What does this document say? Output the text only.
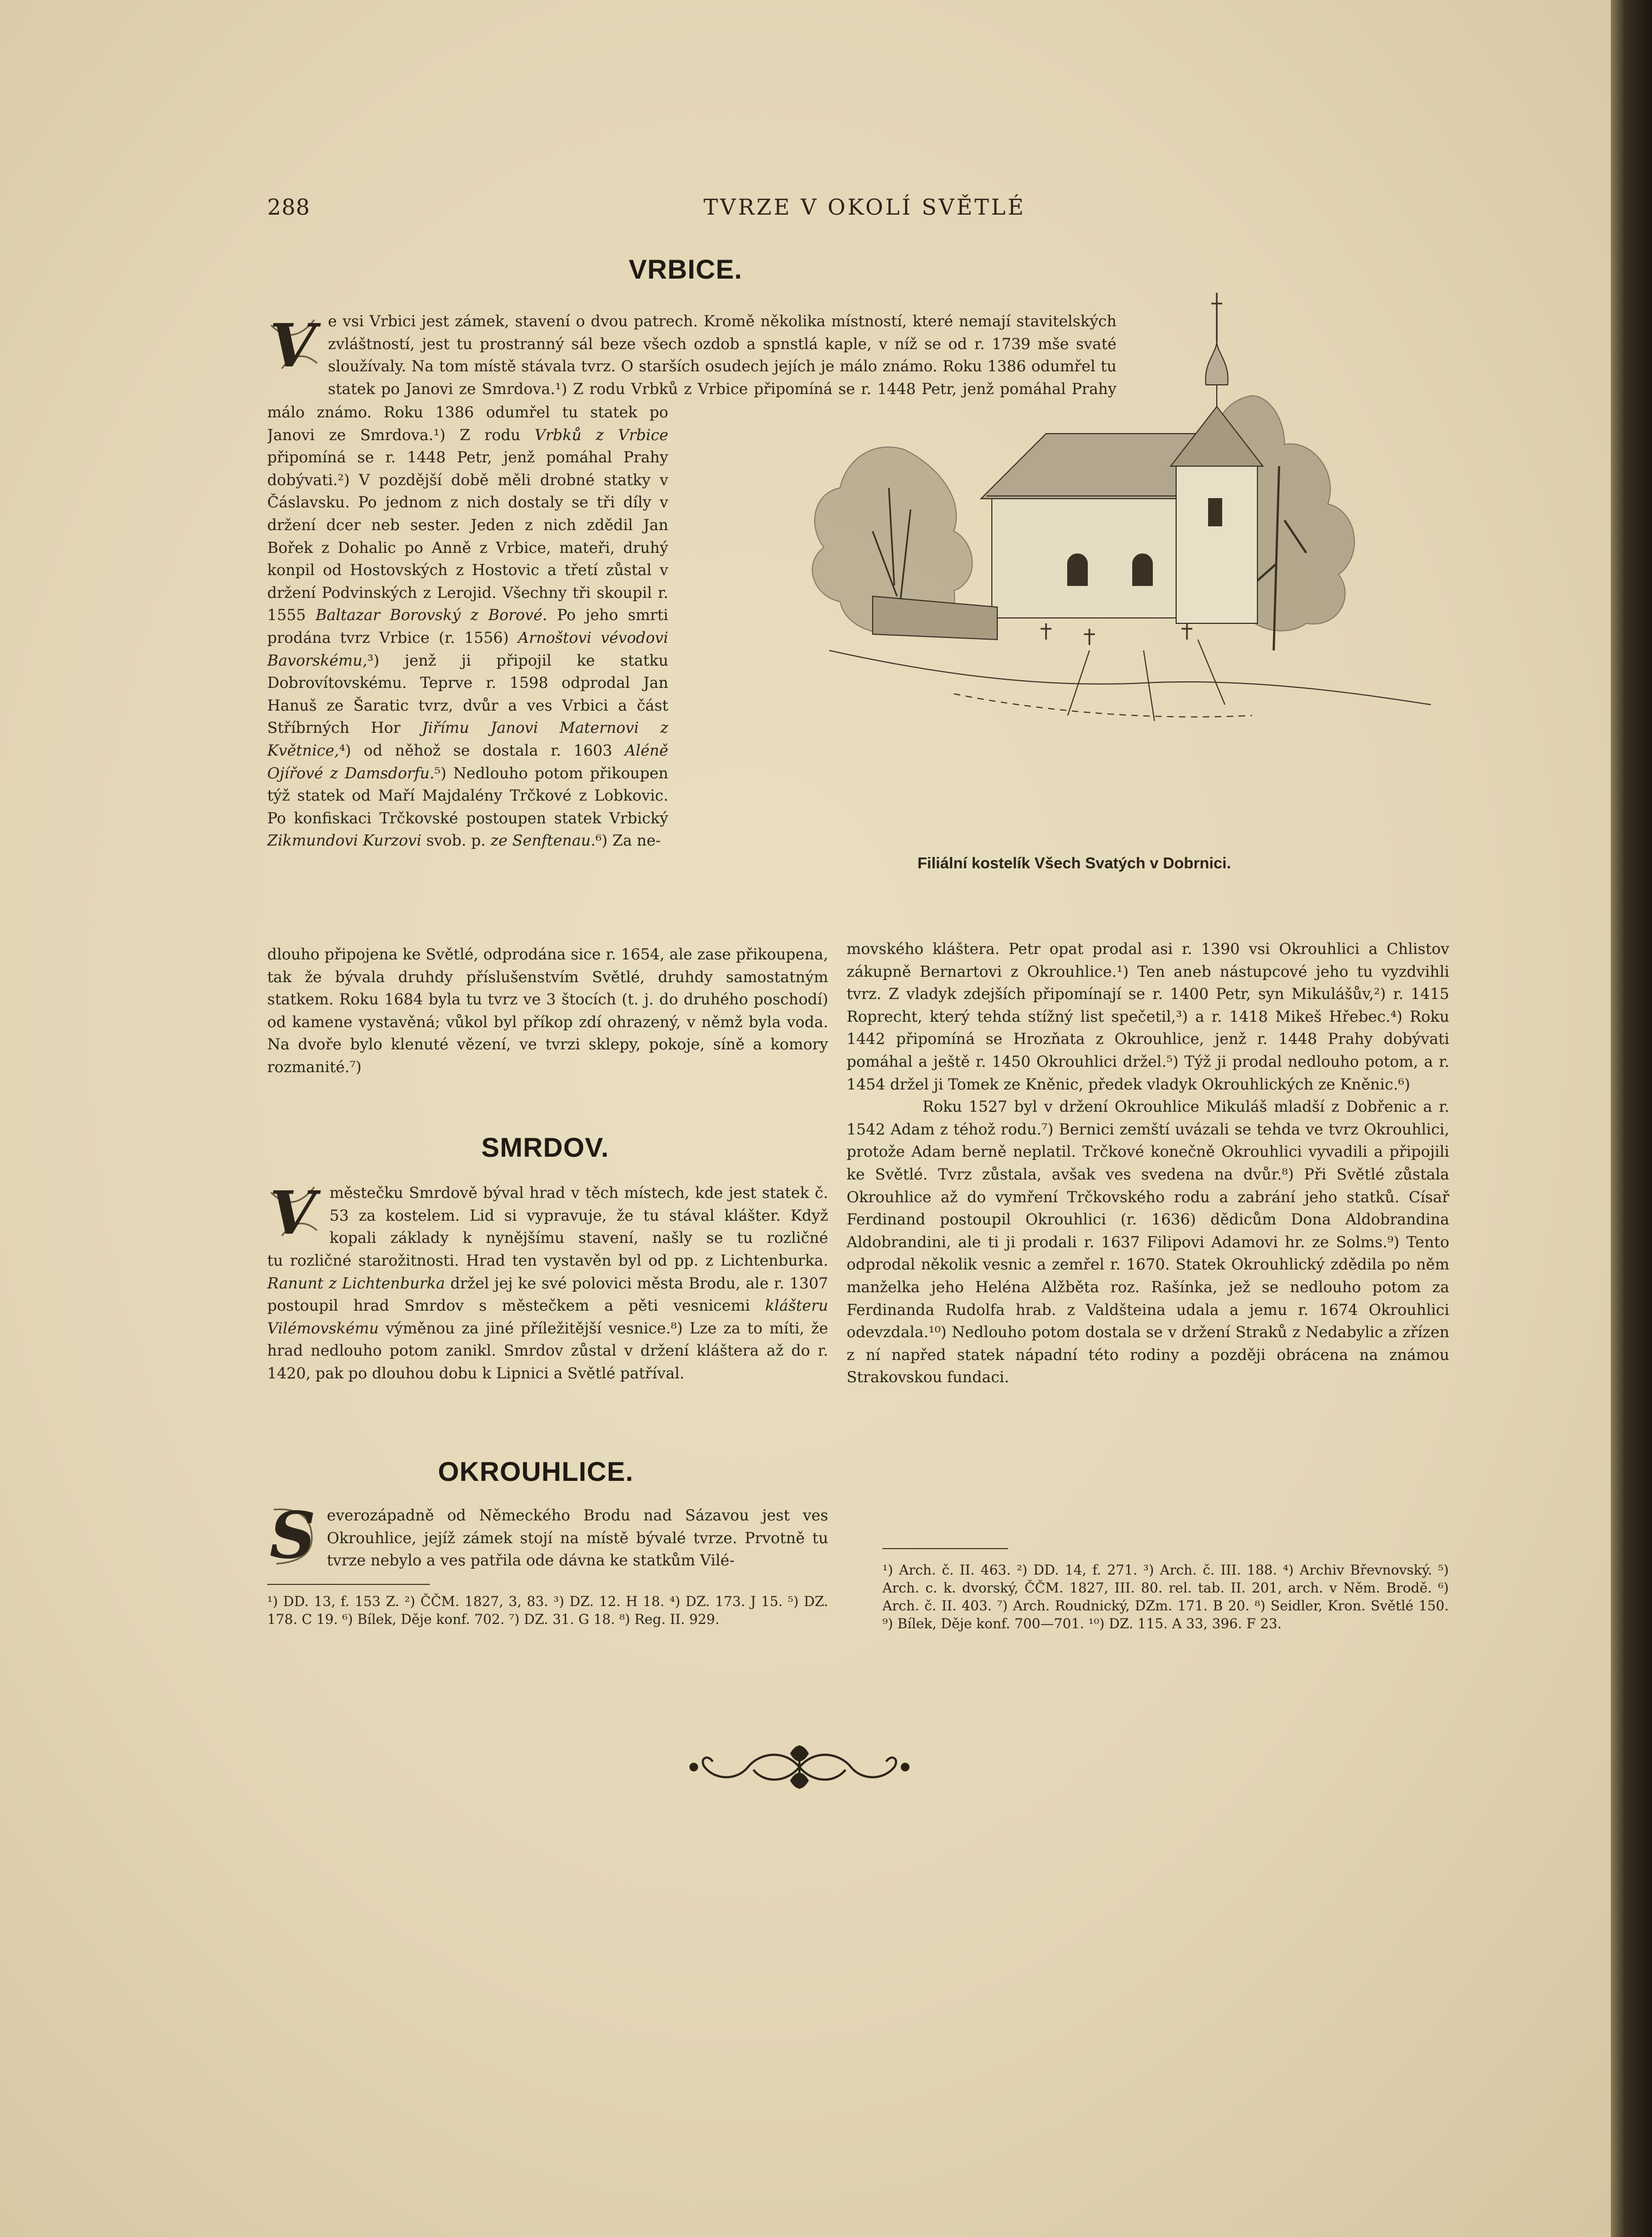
288	TVRZE V OKOLÍ SVĚTLÉ
VRBICE.
V e vsi Vrbici jest zámek, stavení o dvou patrech. Kromě několika místností, které nemají stavitelských zvláštností, jest tu prostranný sál beze všech ozdob a spnstlá kaple, v níž se od r. 1739 mše svaté sloužívaly. Na tom místě stávala tvrz. O starších osudech jejích je málo známo. Roku 1386 odumřel tu

statek po Janovi ze Smrdova.¹) Z rodu Vrbků z Vrbice připomíná se r. 1448 Petr, jenž pomáhal Prahy

málo známo. Roku 1386 odumřel tu statek po Janovi ze Smrdova.¹) Z rodu Vrbků z Vrbice připomíná se r. 1448 Petr, jenž pomáhal Prahy dobývati.²) V pozdější době měli drobné statky v Čáslavsku. Po jednom z nich dostaly se tři díly v držení dcer neb sester. Jeden z nich zdědil Jan Bořek z Dohalic po Anně z Vrbice, mateři, druhý konpil od Hostovských z Hostovic a třetí zůstal v držení Podvinských z Lerojid. Všechny tři skoupil r. 1555 Baltazar Borovský z Borové. Po jeho smrti prodána tvrz Vrbice (r. 1556) Arnoštovi vévodovi Bavorskému,³) jenž ji připojil ke statku Dobrovítovskému. Teprve r. 1598 odprodal Jan Hanuš ze Šaratic tvrz, dvůr a ves Vrbici a část Stříbrných Hor Jiřímu Janovi Maternovi z Květnice,⁴) od něhož se dostala r. 1603 Aléně Ojířové z Damsdorfu.⁵) Nedlouho potom přikoupen týž statek od Maří Majdalény Trčkové z Lobkovic. Po konfiskaci Trčkovské postoupen statek Vrbický Zikmundovi Kurzovi svob. p. ze Senftenau.⁶) Za ne-

dlouho připojena ke Světlé, odprodána sice r. 1654, ale zase přikoupena, tak že bývala druhdy příslušenstvím Světlé, druhdy samostatným statkem. Roku 1684 byla tu tvrz ve 3 štocích (t. j. do druhého poschodí) od kamene vystavěná; vůkol byl příkop zdí ohrazený, v němž byla voda. Na dvoře bylo klenuté vězení, ve tvrzi sklepy, pokoje, síně a komory rozmanité.⁷)

Filiální kostelík Všech Svatých v Dobrnici.
SMRDOV.
V městečku Smrdově býval hrad v těch místech, kde jest statek č. 53 za kostelem. Lid si vypravuje, že tu stával klášter. Když kopali základy k nynějšímu stavení, našly se tu rozličné

tu rozličné starožitnosti. Hrad ten vystavěn byl od pp. z Lichtenburka. Ranunt z Lichtenburka držel jej ke své polovici města Brodu, ale r. 1307 postoupil hrad Smrdov s městečkem a pěti vesnicemi klášteru Vilémovskému výměnou za jiné příležitější vesnice.⁸) Lze za to míti, že hrad nedlouho potom zanikl. Smrdov zůstal v držení kláštera až do r. 1420, pak po dlouhou dobu k Lipnici a Světlé patříval.

OKROUHLICE.
S everozápadně od Německého Brodu nad Sázavou jest ves Okrouhlice, jejíž zámek stojí na místě bývalé tvrze. Prvotně tu tvrze nebylo a ves patřila ode dávna ke statkům Vilé-

¹) DD. 13, f. 153 Z. ²) ČČM. 1827, 3, 83. ³) DZ. 12. H 18. ⁴) DZ. 173. J 15. ⁵) DZ. 178. C 19. ⁶) Bílek, Děje konf. 702. ⁷) DZ. 31. G 18. ⁸) Reg. II. 929.

movského kláštera. Petr opat prodal asi r. 1390 vsi Okrouhlici a Chlistov zákupně Bernartovi z Okrouhlice.¹) Ten aneb nástupcové jeho tu vyzdvihli tvrz. Z vladyk zdejších připomínají se r. 1400 Petr, syn Mikulášův,²) r. 1415 Roprecht, který tehda stížný list spečetil,³) a r. 1418 Mikeš Hřebec.⁴) Roku 1442 připomíná se Hrozňata z Okrouhlice, jenž r. 1448 Prahy dobývati pomáhal a ještě r. 1450 Okrouhlici držel.⁵) Týž ji prodal nedlouho potom, a r. 1454 držel ji Tomek ze Kněnic, předek vladyk Okrouhlických ze Kněnic.⁶)

Roku 1527 byl v držení Okrouhlice Mikuláš mladší z Dobřenic a r. 1542 Adam z téhož rodu.⁷) Bernici zemští uvázali se tehda ve tvrz Okrouhlici, protože Adam berně neplatil. Trčkové konečně Okrouhlici vyvadili a připojili ke Světlé. Tvrz zůstala, avšak ves svedena na dvůr.⁸) Při Světlé zůstala Okrouhlice až do vymření Trčkovského rodu a zabrání jeho statků. Císař Ferdinand postoupil Okrouhlici (r. 1636) dědicům Dona Aldobrandina Aldobrandini, ale ti ji prodali r. 1637 Filipovi Adamovi hr. ze Solms.⁹) Tento odprodal několik vesnic a zemřel r. 1670. Statek Okrouhlický zdědila po něm manželka jeho Heléna Alžběta roz. Rašínka, jež se nedlouho potom za Ferdinanda Rudolfa hrab. z Valdšteina udala a jemu r. 1674 Okrouhlici odevzdala.¹⁰) Nedlouho potom dostala se v držení Straků z Nedabylic a zřízen z ní napřed statek nápadní této rodiny a později obrácena na známou Strakovskou fundaci.

¹) Arch. č. II. 463. ²) DD. 14, f. 271. ³) Arch. č. III. 188. ⁴) Archiv Břevnovský. ⁵) Arch. c. k. dvorský, ČČM. 1827, III. 80. rel. tab. II. 201, arch. v Něm. Brodě. ⁶) Arch. č. II. 403. ⁷) Arch. Roudnický, DZm. 171. B 20. ⁸) Seidler, Kron. Světlé 150. ⁹) Bílek, Děje konf. 700—701. ¹⁰) DZ. 115. A 33, 396. F 23.
